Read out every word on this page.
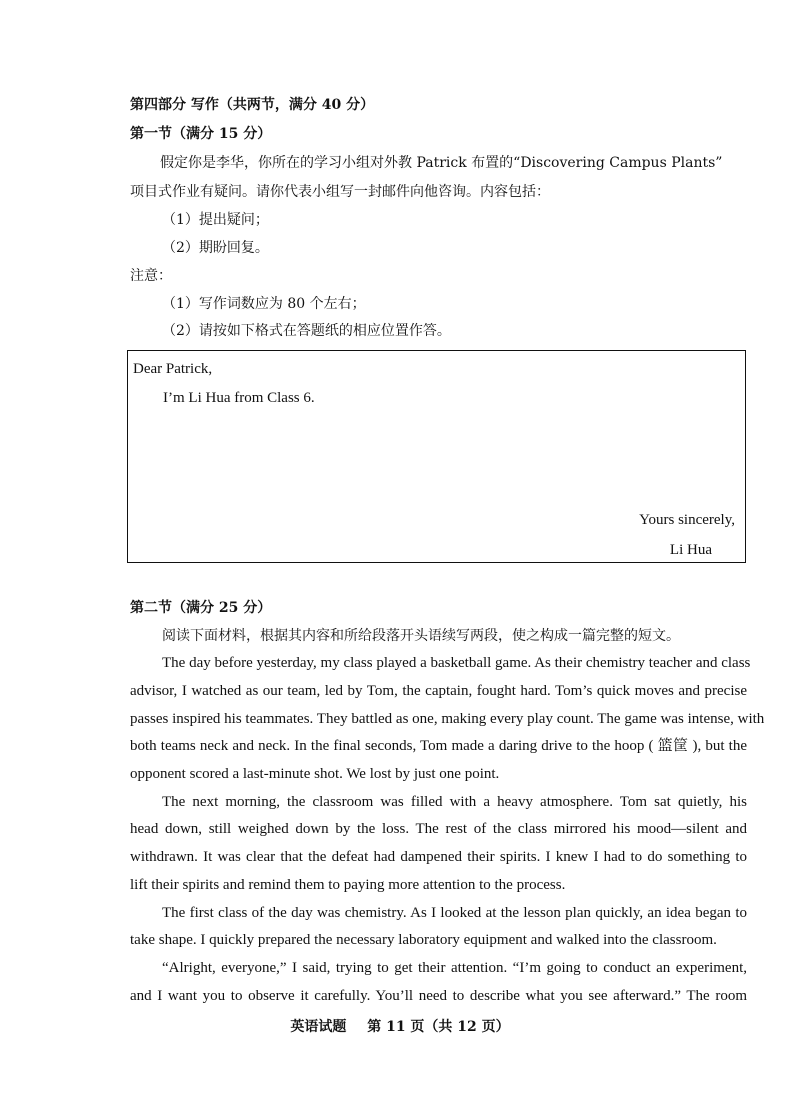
第四部分 写作（共两节，满分 40 分）
第一节（满分 15 分）
假定你是李华，你所在的学习小组对外教 Patrick 布置的“Discovering Campus Plants”
项目式作业有疑问。请你代表小组写一封邮件向他咨询。内容包括：
（1）提出疑问；
（2）期盼回复。
注意：
（1）写作词数应为 80 个左右；
（2）请按如下格式在答题纸的相应位置作答。
Dear Patrick,
I’m Li Hua from Class 6.
Yours sincerely,
Li Hua
第二节（满分 25 分）
阅读下面材料，根据其内容和所给段落开头语续写两段，使之构成一篇完整的短文。
The day before yesterday, my class played a basketball game. As their chemistry teacher and class
advisor, I watched as our team, led by Tom, the captain, fought hard. Tom’s quick moves and precise
passes inspired his teammates. They battled as one, making every play count. The game was intense, with
both teams neck and neck. In the final seconds, Tom made a daring drive to the hoop ( 篮筐 ), but the
opponent scored a last-minute shot. We lost by just one point.
The next morning, the classroom was filled with a heavy atmosphere. Tom sat quietly, his
head down, still weighed down by the loss. The rest of the class mirrored his mood—silent and
withdrawn. It was clear that the defeat had dampened their spirits. I knew I had to do something to
lift their spirits and remind them to paying more attention to the process.
The first class of the day was chemistry. As I looked at the lesson plan quickly, an idea began to
take shape. I quickly prepared the necessary laboratory equipment and walked into the classroom.
“Alright, everyone,” I said, trying to get their attention. “I’m going to conduct an experiment,
and I want you to observe it carefully. You’ll need to describe what you see afterward.” The room
英语试题 第 11 页（共 12 页）
